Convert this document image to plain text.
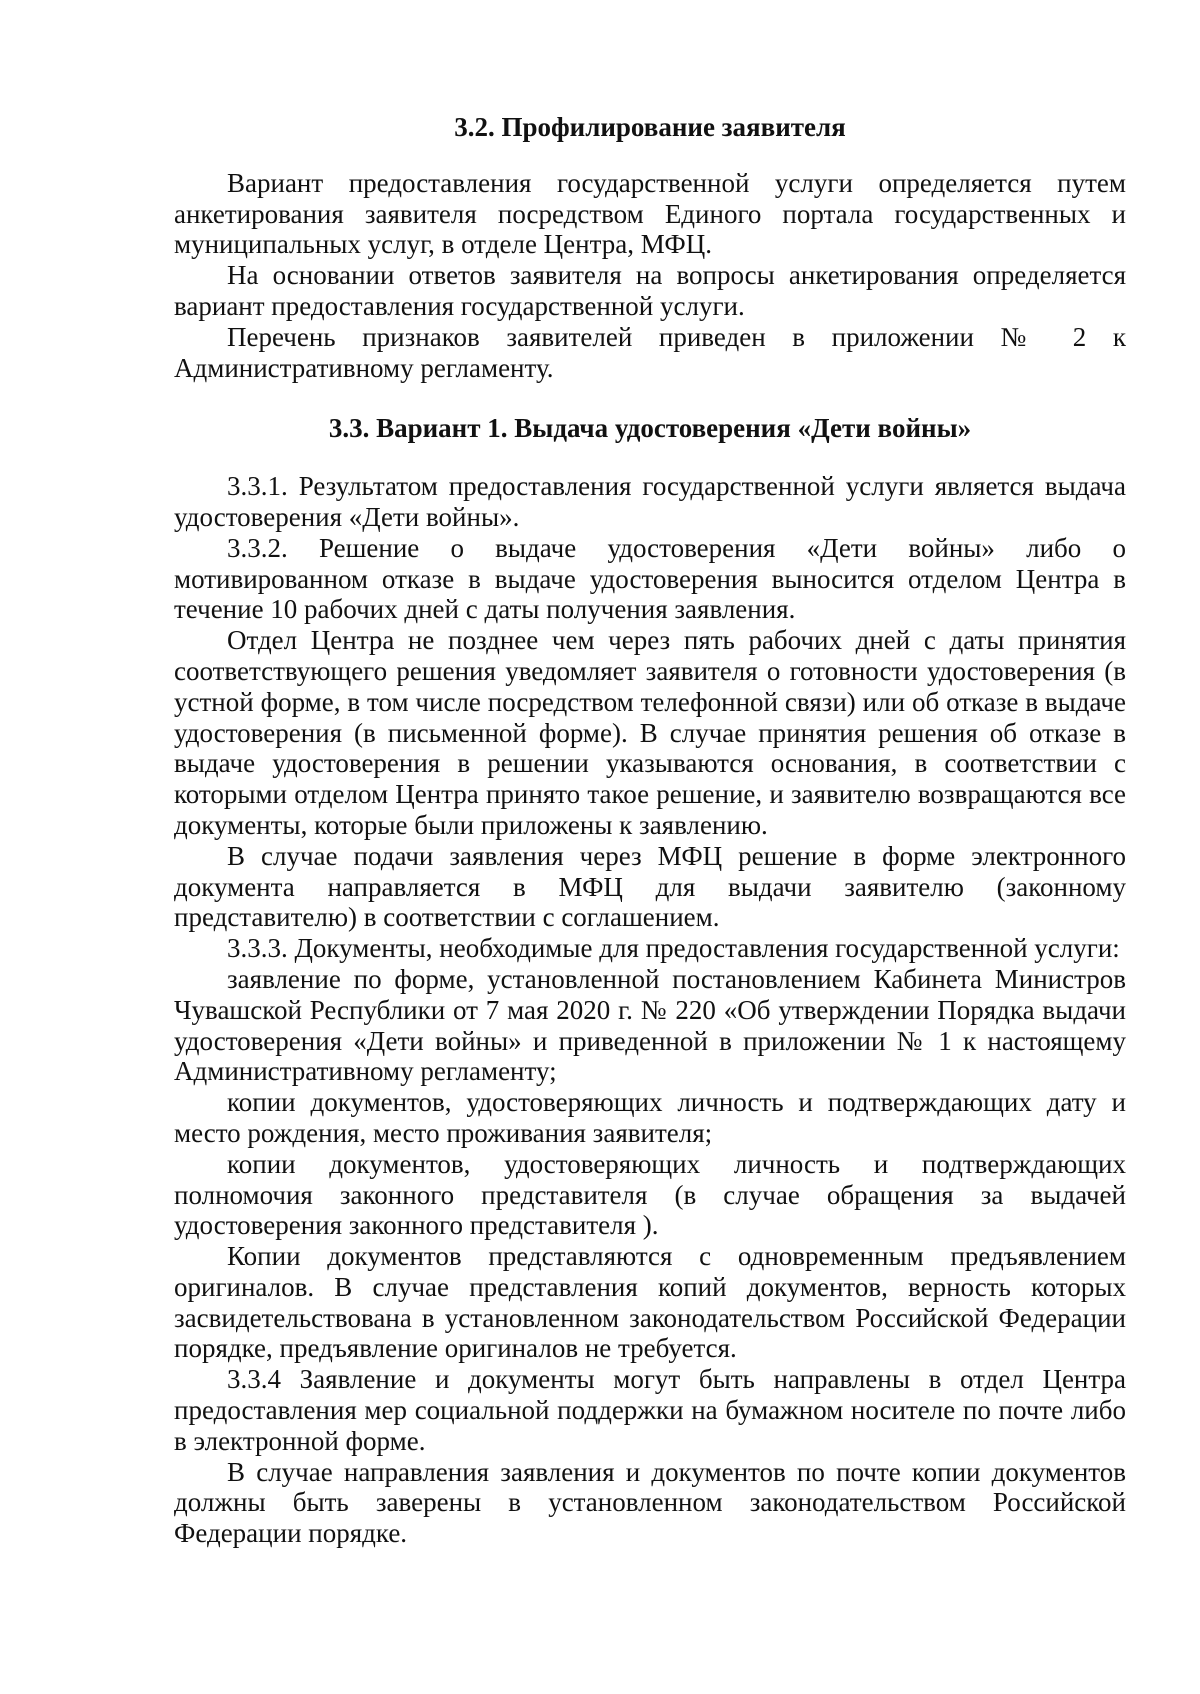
3.2. Профилирование заявителя

Вариант предоставления государственной услуги определяется путем анкетирования заявителя посредством Единого портала государственных и муниципальных услуг, в отделе Центра, МФЦ.

На основании ответов заявителя на вопросы анкетирования определяется вариант предоставления государственной услуги.

Перечень признаков заявителей приведен в приложении № 2 к Административному регламенту.

3.3. Вариант 1. Выдача удостоверения «Дети войны»

3.3.1. Результатом предоставления государственной услуги является выдача удостоверения «Дети войны».

3.3.2. Решение о выдаче удостоверения «Дети войны» либо о мотивированном отказе в выдаче удостоверения выносится отделом Центра в течение 10 рабочих дней с даты получения заявления.

Отдел Центра не позднее чем через пять рабочих дней с даты принятия соответствующего решения уведомляет заявителя о готовности удостоверения (в устной форме, в том числе посредством телефонной связи) или об отказе в выдаче удостоверения (в письменной форме). В случае принятия решения об отказе в выдаче удостоверения в решении указываются основания, в соответствии с которыми отделом Центра принято такое решение, и заявителю возвращаются все документы, которые были приложены к заявлению.

В случае подачи заявления через МФЦ решение в форме электронного документа направляется в МФЦ для выдачи заявителю (законному представителю) в соответствии с соглашением.

3.3.3. Документы, необходимые для предоставления государственной услуги:

заявление по форме, установленной постановлением Кабинета Министров Чувашской Республики от 7 мая 2020 г. № 220 «Об утверждении Порядка выдачи удостоверения «Дети войны» и приведенной в приложении № 1 к настоящему Административному регламенту;

копии документов, удостоверяющих личность и подтверждающих дату и место рождения, место проживания заявителя;

копии документов, удостоверяющих личность и подтверждающих полномочия законного представителя (в случае обращения за выдачей удостоверения законного представителя ).

Копии документов представляются с одновременным предъявлением оригиналов. В случае представления копий документов, верность которых засвидетельствована в установленном законодательством Российской Федерации порядке, предъявление оригиналов не требуется.

3.3.4 Заявление и документы могут быть направлены в отдел Центра предоставления мер социальной поддержки на бумажном носителе по почте либо в электронной форме.

В случае направления заявления и документов по почте копии документов должны быть заверены в установленном законодательством Российской Федерации порядке.
